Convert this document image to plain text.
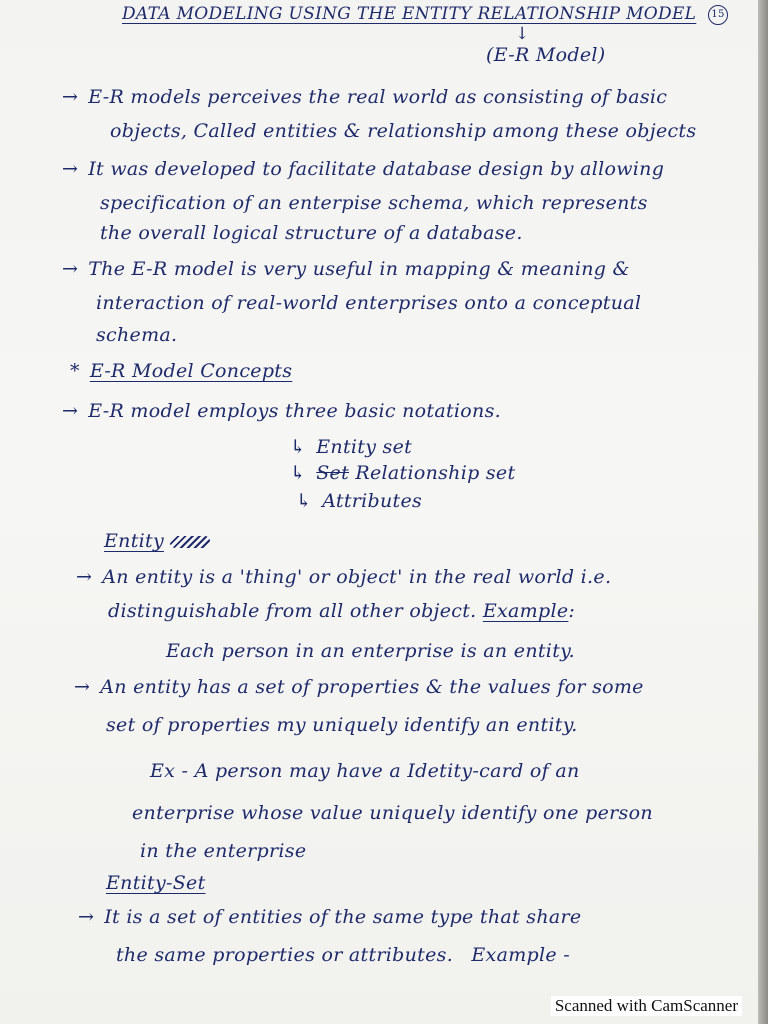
DATA MODELING USING THE ENTITY RELATIONSHIP MODEL 15
↓
(E-R Model)
→ E-R models perceives the real world as consisting of basic
objects, Called entities & relationship among these objects
→ It was developed to facilitate database design by allowing
specification of an enterpise schema, which represents
the overall logical structure of a database.
→ The E-R model is very useful in mapping & meaning &
interaction of real-world enterprises onto a conceptual
schema.
* E-R Model Concepts
→ E-R model employs three basic notations.
↳ Entity set
↳ Set Relationship set
↳ Attributes
Entity
→ An entity is a 'thing' or object' in the real world i.e.
distinguishable from all other object. Example:
Each person in an enterprise is an entity.
→ An entity has a set of properties & the values for some
set of properties my uniquely identify an entity.
Ex - A person may have a Idetity-card of an
enterprise whose value uniquely identify one person
in the enterprise
Entity-Set
→ It is a set of entities of the same type that share
the same properties or attributes. Example -
Scanned with CamScanner
